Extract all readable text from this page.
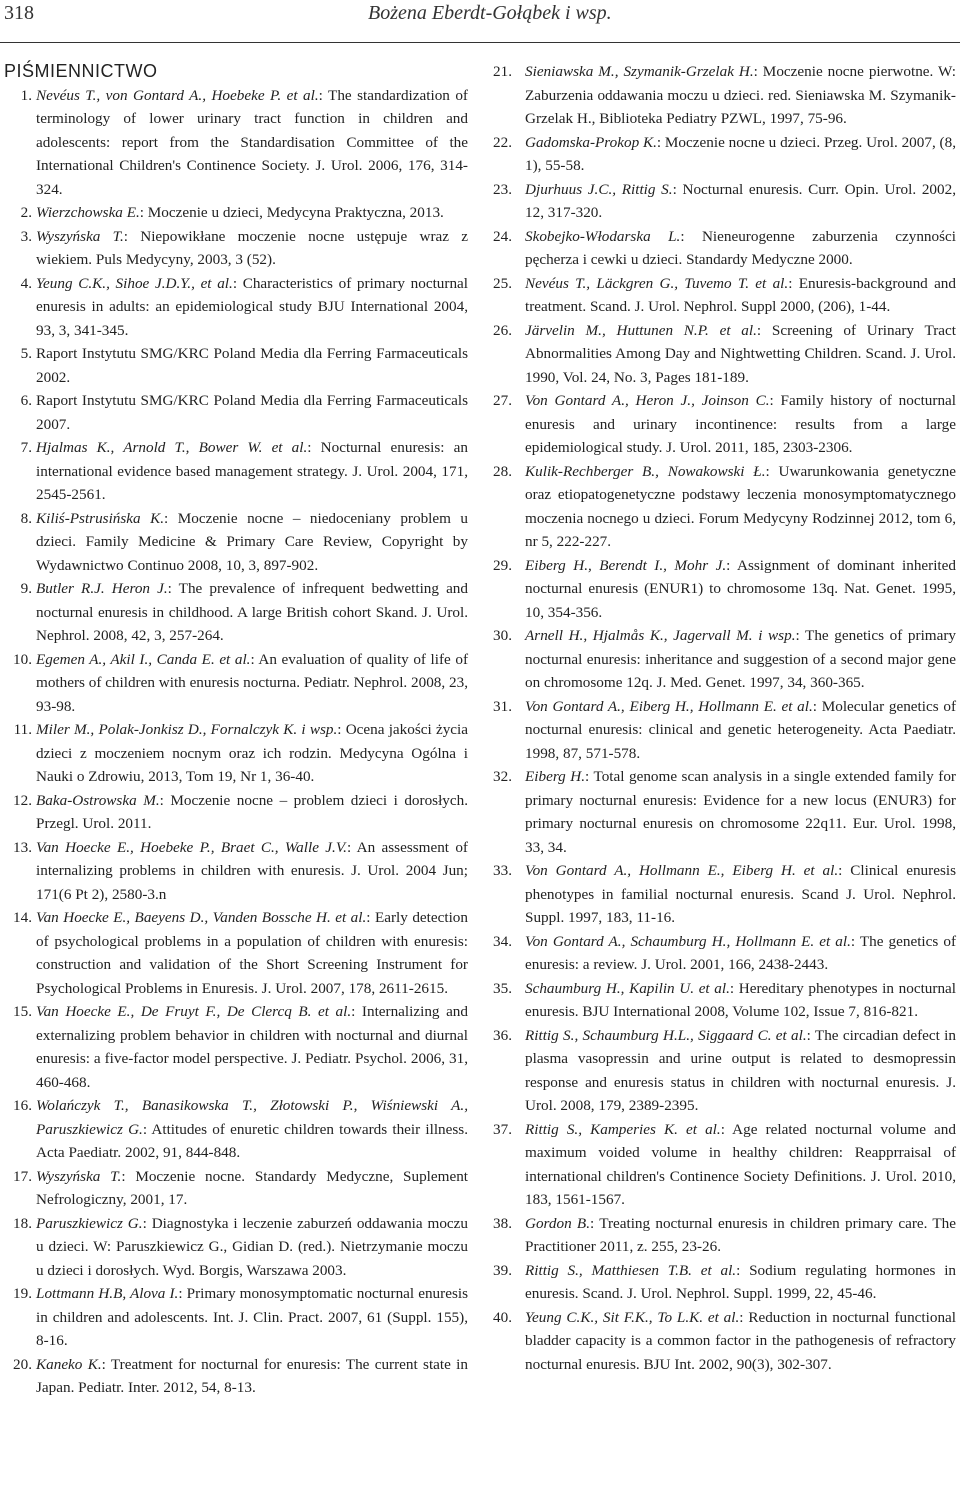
318	Bożena Eberdt-Gołąbek i wsp.
PIŚMIENNICTWO
1. Nevéus T., von Gontard A., Hoebeke P. et al.: The standardization of terminology of lower urinary tract function in children and adolescents: report from the Standardisation Committee of the International Children's Continence Society. J. Urol. 2006, 176, 314-324.
2. Wierzchowska E.: Moczenie u dzieci, Medycyna Praktyczna, 2013.
3. Wyszyńska T.: Niepowikłane moczenie nocne ustępuje wraz z wiekiem. Puls Medycyny, 2003, 3 (52).
4. Yeung C.K., Sihoe J.D.Y., et al.: Characteristics of primary nocturnal enuresis in adults: an epidemiological study BJU International 2004, 93, 3, 341-345.
5. Raport Instytutu SMG/KRC Poland Media dla Ferring Farmaceuticals 2002.
6. Raport Instytutu SMG/KRC Poland Media dla Ferring Farmaceuticals 2007.
7. Hjalmas K., Arnold T., Bower W. et al.: Nocturnal enuresis: an international evidence based management strategy. J. Urol. 2004, 171, 2545-2561.
8. Kiliś-Pstrusińska K.: Moczenie nocne – niedoceniany problem u dzieci. Family Medicine & Primary Care Review, Copyright by Wydawnictwo Continuo 2008, 10, 3, 897-902.
9. Butler R.J. Heron J.: The prevalence of infrequent bedwetting and nocturnal enuresis in childhood. A large British cohort Skand. J. Urol. Nephrol. 2008, 42, 3, 257-264.
10. Egemen A., Akil I., Canda E. et al.: An evaluation of quality of life of mothers of children with enuresis nocturna. Pediatr. Nephrol. 2008, 23, 93-98.
11. Miler M., Polak-Jonkisz D., Fornalczyk K. i wsp.: Ocena jakości życia dzieci z moczeniem nocnym oraz ich rodzin. Medycyna Ogólna i Nauki o Zdrowiu, 2013, Tom 19, Nr 1, 36-40.
12. Baka-Ostrowska M.: Moczenie nocne – problem dzieci i dorosłych. Przegl. Urol. 2011.
13. Van Hoecke E., Hoebeke P., Braet C., Walle J.V.: An assessment of internalizing problems in children with enuresis. J. Urol. 2004 Jun; 171(6 Pt 2), 2580-3.n
14. Van Hoecke E., Baeyens D., Vanden Bossche H. et al.: Early detection of psychological problems in a population of children with enuresis: construction and validation of the Short Screening Instrument for Psychological Problems in Enuresis. J. Urol. 2007, 178, 2611-2615.
15. Van Hoecke E., De Fruyt F., De Clercq B. et al.: Internalizing and externalizing problem behavior in children with nocturnal and diurnal enuresis: a five-factor model perspective. J. Pediatr. Psychol. 2006, 31, 460-468.
16. Wolańczyk T., Banasikowska T., Złotowski P., Wiśniewski A., Paruszkiewicz G.: Attitudes of enuretic children towards their illness. Acta Paediatr. 2002, 91, 844-848.
17. Wyszyńska T.: Moczenie nocne. Standardy Medyczne, Suplement Nefrologiczny, 2001, 17.
18. Paruszkiewicz G.: Diagnostyka i leczenie zaburzeń oddawania moczu u dzieci. W: Paruszkiewicz G., Gidian D. (red.). Nietrzymanie moczu u dzieci i dorosłych. Wyd. Borgis, Warszawa 2003.
19. Lottmann H.B, Alova I.: Primary monosymptomatic nocturnal enuresis in children and adolescents. Int. J. Clin. Pract. 2007, 61 (Suppl. 155), 8-16.
20. Kaneko K.: Treatment for nocturnal for enuresis: The current state in Japan. Pediatr. Inter. 2012, 54, 8-13.
21. Sieniawska M., Szymanik-Grzelak H.: Moczenie nocne pierwotne. W: Zaburzenia oddawania moczu u dzieci. red. Sieniawska M. Szymanik-Grzelak H., Biblioteka Pediatry PZWL, 1997, 75-96.
22. Gadomska-Prokop K.: Moczenie nocne u dzieci. Przeg. Urol. 2007, (8, 1), 55-58.
23. Djurhuus J.C., Rittig S.: Nocturnal enuresis. Curr. Opin. Urol. 2002, 12, 317-320.
24. Skobejko-Włodarska L.: Nieneurogenne zaburzenia czynności pęcherza i cewki u dzieci. Standardy Medyczne 2000.
25. Nevéus T., Läckgren G., Tuvemo T. et al.: Enuresis-background and treatment. Scand. J. Urol. Nephrol. Suppl 2000, (206), 1-44.
26. Järvelin M., Huttunen N.P. et al.: Screening of Urinary Tract Abnormalities Among Day and Nightwetting Children. Scand. J. Urol. 1990, Vol. 24, No. 3, Pages 181-189.
27. Von Gontard A., Heron J., Joinson C.: Family history of nocturnal enuresis and urinary incontinence: results from a large epidemiological study. J. Urol. 2011, 185, 2303-2306.
28. Kulik-Rechberger B., Nowakowski Ł.: Uwarunkowania genetyczne oraz etiopatogenetyczne podstawy leczenia monosymptomatycznego moczenia nocnego u dzieci. Forum Medycyny Rodzinnej 2012, tom 6, nr 5, 222-227.
29. Eiberg H., Berendt I., Mohr J.: Assignment of dominant inherited nocturnal enuresis (ENUR1) to chromosome 13q. Nat. Genet. 1995, 10, 354-356.
30. Arnell H., Hjalmås K., Jagervall M. i wsp.: The genetics of primary nocturnal enuresis: inheritance and suggestion of a second major gene on chromosome 12q. J. Med. Genet. 1997, 34, 360-365.
31. Von Gontard A., Eiberg H., Hollmann E. et al.: Molecular genetics of nocturnal enuresis: clinical and genetic heterogeneity. Acta Paediatr. 1998, 87, 571-578.
32. Eiberg H.: Total genome scan analysis in a single extended family for primary nocturnal enuresis: Evidence for a new locus (ENUR3) for primary nocturnal enuresis on chromosome 22q11. Eur. Urol. 1998, 33, 34.
33. Von Gontard A., Hollmann E., Eiberg H. et al.: Clinical enuresis phenotypes in familial nocturnal enuresis. Scand J. Urol. Nephrol. Suppl. 1997, 183, 11-16.
34. Von Gontard A., Schaumburg H., Hollmann E. et al.: The genetics of enuresis: a review. J. Urol. 2001, 166, 2438-2443.
35. Schaumburg H., Kapilin U. et al.: Hereditary phenotypes in nocturnal enuresis. BJU International 2008, Volume 102, Issue 7, 816-821.
36. Rittig S., Schaumburg H.L., Siggaard C. et al.: The circadian defect in plasma vasopressin and urine output is related to desmopressin response and enuresis status in children with nocturnal enuresis. J. Urol. 2008, 179, 2389-2395.
37. Rittig S., Kamperies K. et al.: Age related nocturnal volume and maximum voided volume in healthy children: Reapprraisal of international children's Continence Society Definitions. J. Urol. 2010, 183, 1561-1567.
38. Gordon B.: Treating nocturnal enuresis in children primary care. The Practitioner 2011, z. 255, 23-26.
39. Rittig S., Matthiesen T.B. et al.: Sodium regulating hormones in enuresis. Scand. J. Urol. Nephrol. Suppl. 1999, 22, 45-46.
40. Yeung C.K., Sit F.K., To L.K. et al.: Reduction in nocturnal functional bladder capacity is a common factor in the pathogenesis of refractory nocturnal enuresis. BJU Int. 2002, 90(3), 302-307.
